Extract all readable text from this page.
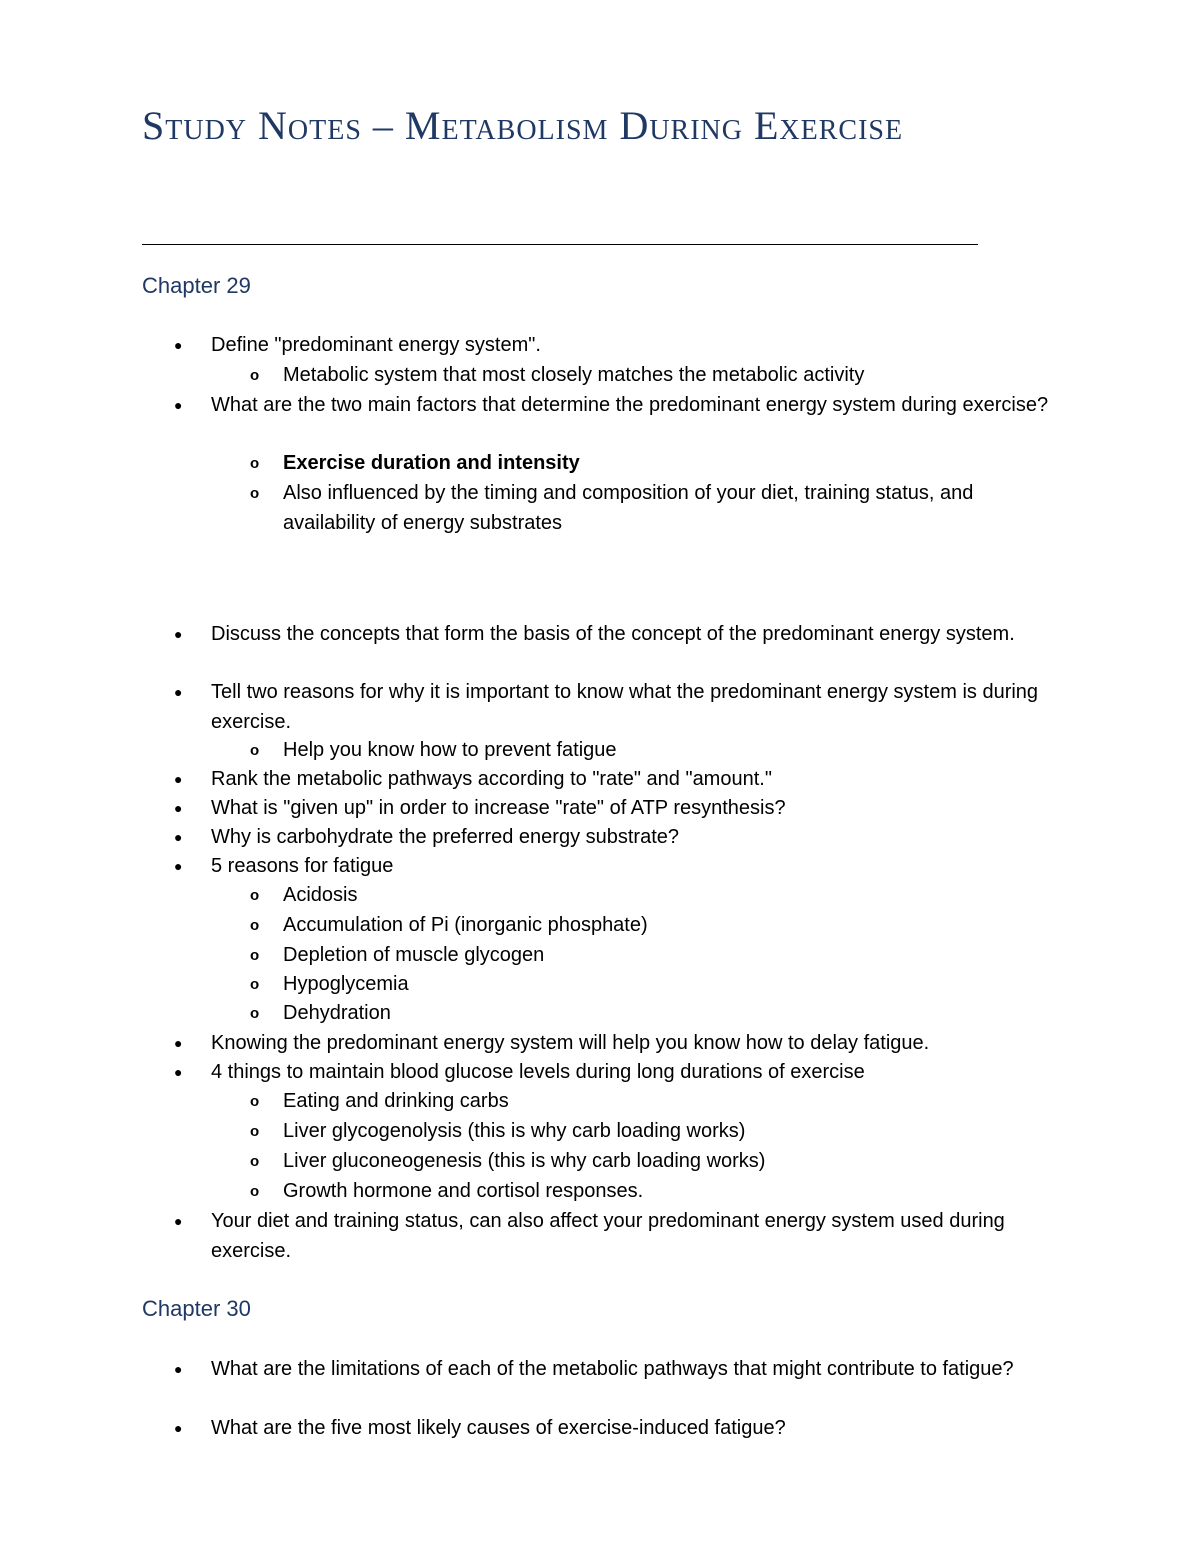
Study Notes – Metabolism During Exercise
Chapter 29
Chapter 30
●
Define "predominant energy system".
o
Metabolic system that most closely matches the metabolic activity
●
What are the two main factors that determine the predominant energy system during exercise?
o
Exercise duration and intensity
o
Also influenced by the timing and composition of your diet, training status, and availability of energy substrates
●
Discuss the concepts that form the basis of the concept of the predominant energy system.
●
Tell two reasons for why it is important to know what the predominant energy system is during exercise.
o
Help you know how to prevent fatigue
●
Rank the metabolic pathways according to "rate" and "amount."
●
What is "given up" in order to increase "rate" of ATP resynthesis?
●
Why is carbohydrate the preferred energy substrate?
●
5 reasons for fatigue
o
Acidosis
o
Accumulation of Pi (inorganic phosphate)
o
Depletion of muscle glycogen
o
Hypoglycemia
o
Dehydration
●
Knowing the predominant energy system will help you know how to delay fatigue.
●
4 things to maintain blood glucose levels during long durations of exercise
o
Eating and drinking carbs
o
Liver glycogenolysis (this is why carb loading works)
o
Liver gluconeogenesis (this is why carb loading works)
o
Growth hormone and cortisol responses.
●
Your diet and training status, can also affect your predominant energy system used during exercise.
●
What are the limitations of each of the metabolic pathways that might contribute to fatigue?
●
What are the five most likely causes of exercise-induced fatigue?
